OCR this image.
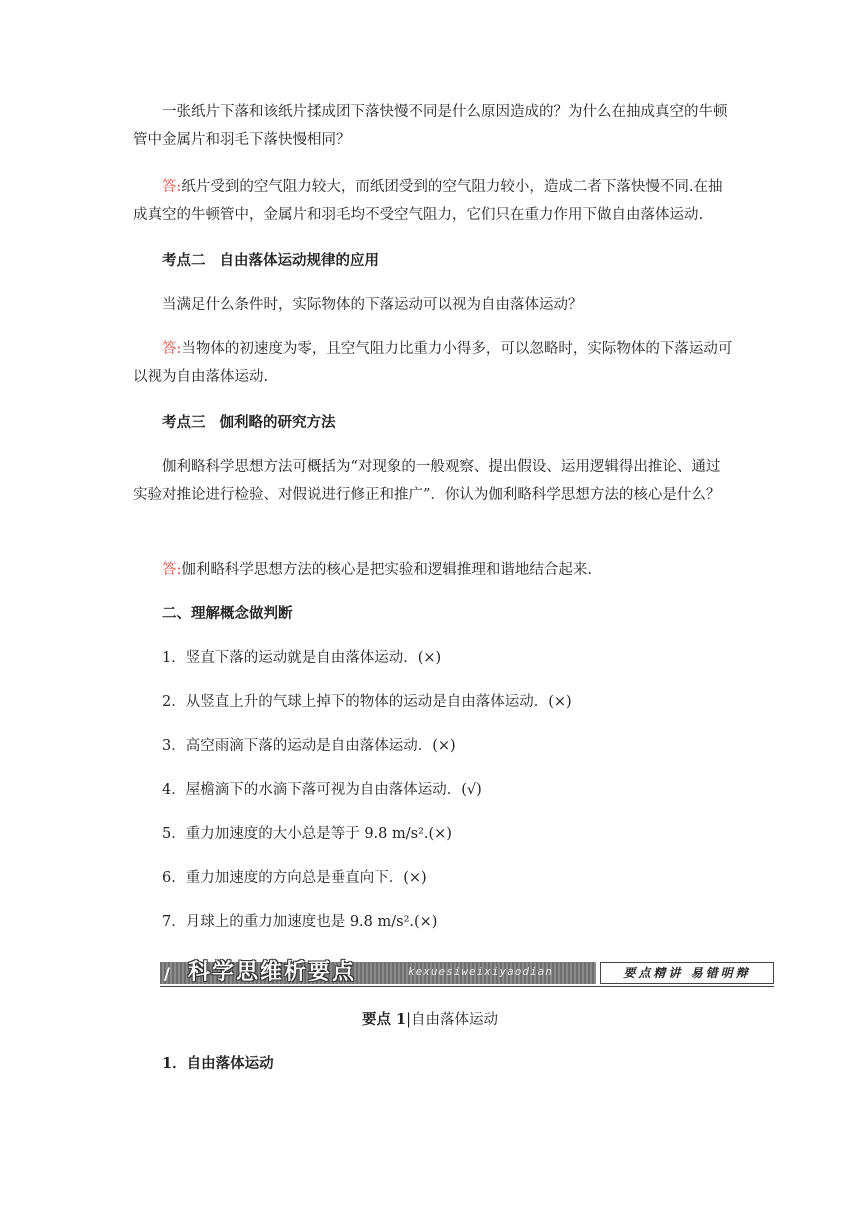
一张纸片下落和该纸片揉成团下落快慢不同是什么原因造成的？为什么在抽成真空的牛顿管中金属片和羽毛下落快慢相同？
答:纸片受到的空气阻力较大，而纸团受到的空气阻力较小，造成二者下落快慢不同.在抽成真空的牛顿管中，金属片和羽毛均不受空气阻力，它们只在重力作用下做自由落体运动.
考点二 自由落体运动规律的应用
当满足什么条件时，实际物体的下落运动可以视为自由落体运动？
答:当物体的初速度为零，且空气阻力比重力小得多，可以忽略时，实际物体的下落运动可以视为自由落体运动.
考点三 伽利略的研究方法
伽利略科学思想方法可概括为“对现象的一般观察、提出假设、运用逻辑得出推论、通过实验对推论进行检验、对假说进行修正和推广”．你认为伽利略科学思想方法的核心是什么？
答:伽利略科学思想方法的核心是把实验和逻辑推理和谐地结合起来.
二、理解概念做判断
1．竖直下落的运动就是自由落体运动．(×)
2．从竖直上升的气球上掉下的物体的运动是自由落体运动．(×)
3．高空雨滴下落的运动是自由落体运动．(×)
4．屋檐滴下的水滴下落可视为自由落体运动．(√)
5．重力加速度的大小总是等于 9.8 m/s².(×)
6．重力加速度的方向总是垂直向下．(×)
7．月球上的重力加速度也是 9.8 m/s².(×)
/ 科学思维析要点	kexuesiweixiyaodian	要点精讲 易错明辩
要点 1|自由落体运动
1．自由落体运动
